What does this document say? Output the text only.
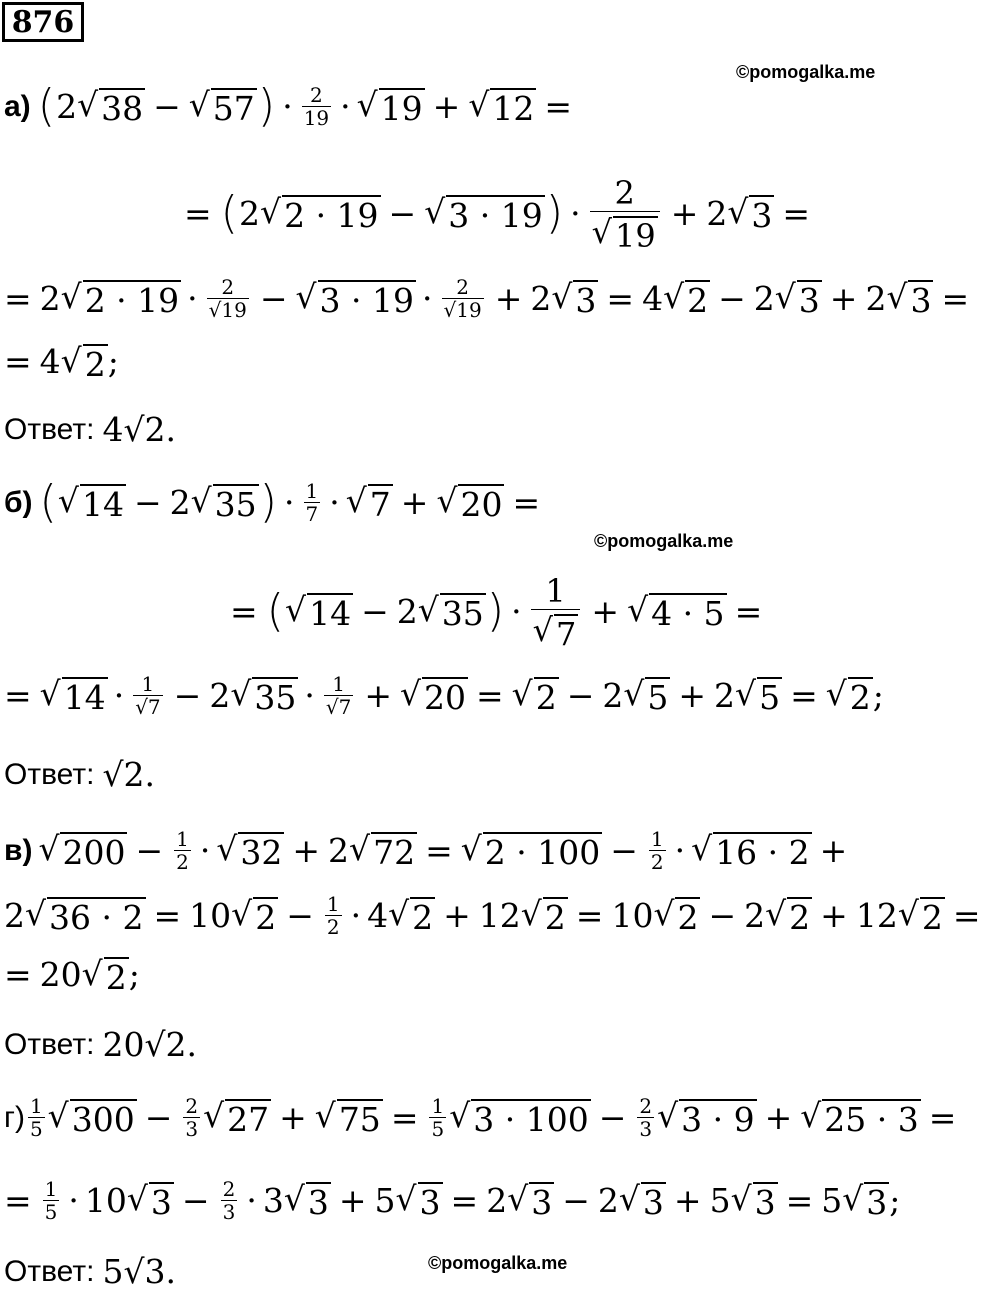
876
©pomogalka.me
©pomogalka.me
©pomogalka.me
а) ( 2 √ 38 − √ 57 ) · $\frac{2}{19}$ · √ 19 + √ 12 =
= ( 2 √ 2 · 19 − √ 3 · 19 ) · $\frac{2}{√ 19} + 2$ √ 3 =
= 2 √ $2 \cdot 19 \cdot \frac{2}{√19}$ − √ $3 \cdot 19 \cdot \frac{2}{√19} + 2$ √ 3 = 4 √ 2 − 2 √ 3 + 2 √ 3 =
= 4 √ 2 ;
Ответ: 4√2.
б) ( √ 14 − 2 √ 35 ) · $\frac{1}{7}$ · √ 7 + √ 20 =
= ( √ 14 − 2 √ 35 ) · $\frac{1}{√ 7}$ + √ 4 · 5 =
= √ $14 \cdot \frac{1}{√7} - 2$ √ $35 \cdot \frac{1}{√7}$ + √ 20 = √ 2 − 2 √ 5 + 2 √ 5 = √ 2 ;
Ответ: √2.
в) √ $200 - \frac{1}{2}$ · √ 32 + 2 √ 72 = √ $2 \cdot 100 - \frac{1}{2}$ · √ 16 · 2 +
2 √ 36 · 2 = 10 √ $2 - \frac{1}{2} \cdot 4$ √ 2 + 12 √ 2 = 10 √ 2 − 2 √ 2 + 12 √ 2 =
= 20 √ 2 ;
Ответ: 20√2.
$г) \frac{1}{5}$ √ $300 - \frac{2}{3}$ √ 27 + √ $75 = \frac{1}{5}$ √ $3 \cdot 100 - \frac{2}{3}$ √ 3 · 9 + √ 25 · 3 =
= $\frac{1}{5} \cdot 10$ √ $3 - \frac{2}{3} \cdot 3$ √ 3 + 5 √ 3 = 2 √ 3 − 2 √ 3 + 5 √ 3 = 5 √ 3 ;
Ответ: 5√3.
